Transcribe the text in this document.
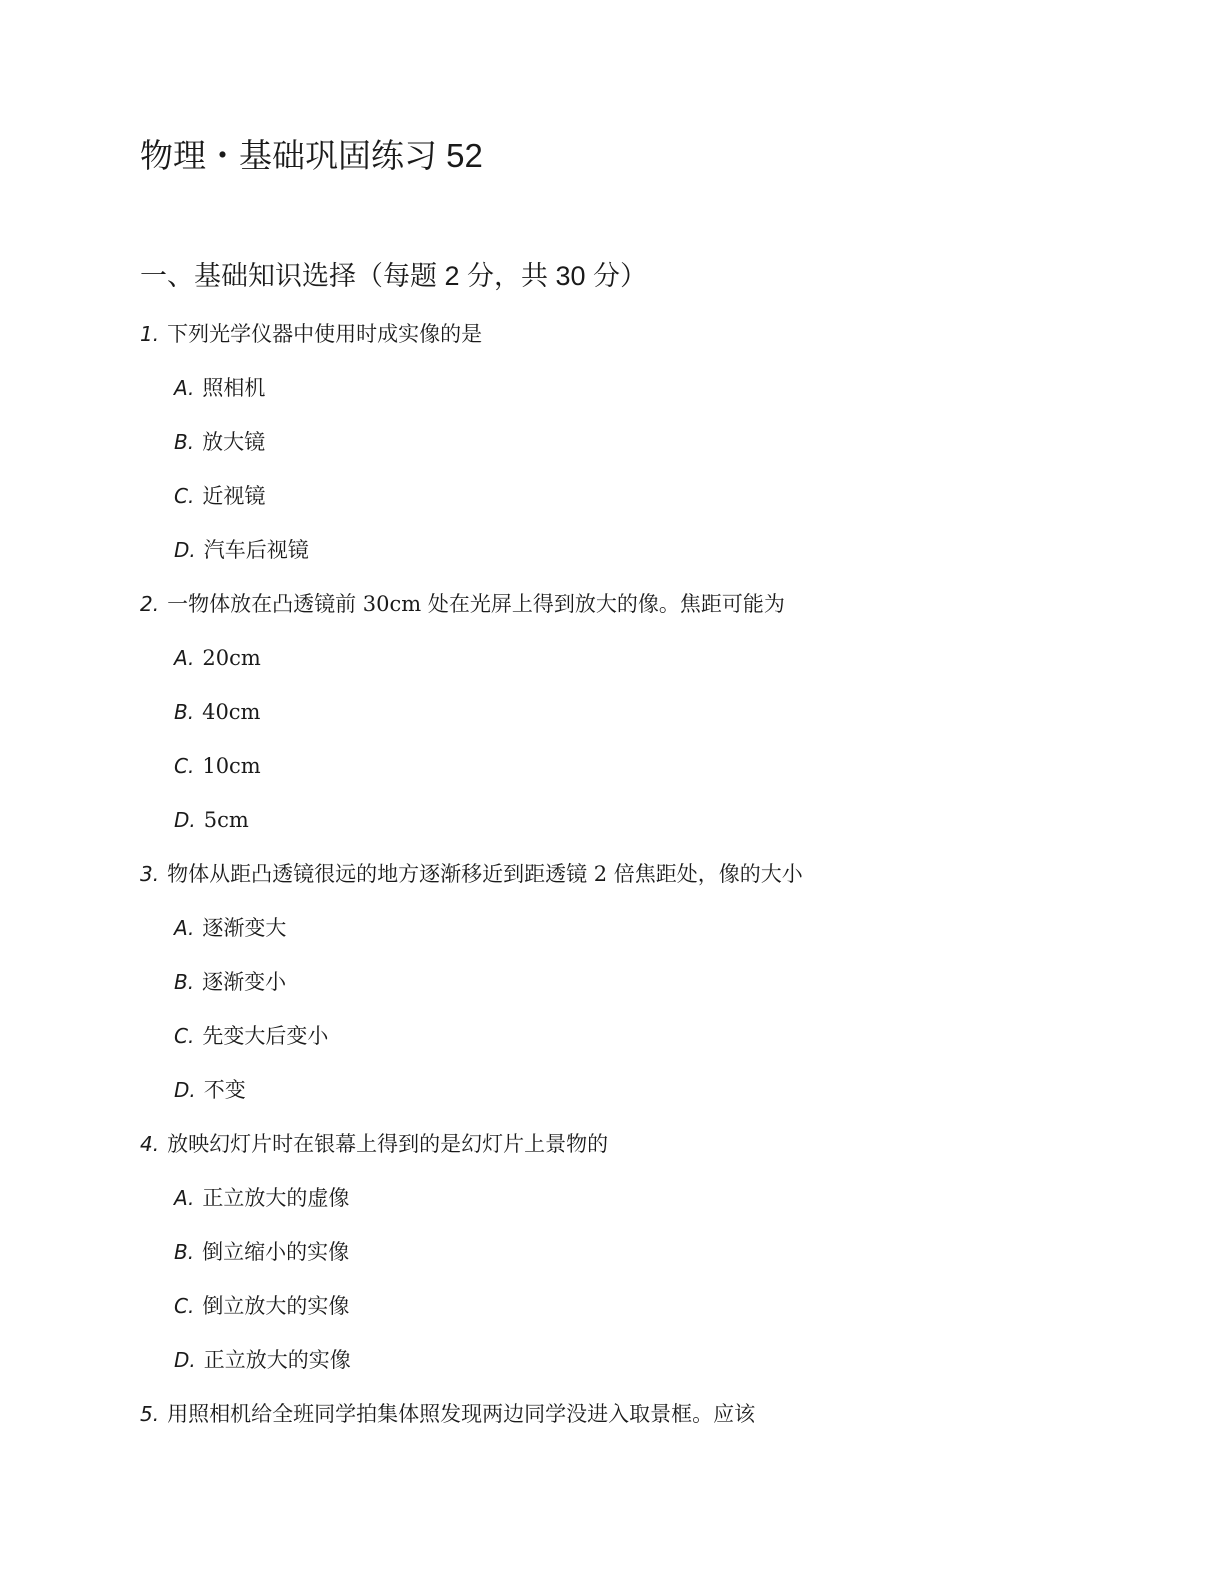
物理・基础巩固练习 52
一、基础知识选择（每题 2 分，共 30 分）
1. 下列光学仪器中使用时成实像的是
A. 照相机
B. 放大镜
C. 近视镜
D. 汽车后视镜
2. 一物体放在凸透镜前 30cm 处在光屏上得到放大的像。焦距可能为
A. 20cm
B. 40cm
C. 10cm
D. 5cm
3. 物体从距凸透镜很远的地方逐渐移近到距透镜 2 倍焦距处，像的大小
A. 逐渐变大
B. 逐渐变小
C. 先变大后变小
D. 不变
4. 放映幻灯片时在银幕上得到的是幻灯片上景物的
A. 正立放大的虚像
B. 倒立缩小的实像
C. 倒立放大的实像
D. 正立放大的实像
5. 用照相机给全班同学拍集体照发现两边同学没进入取景框。应该
